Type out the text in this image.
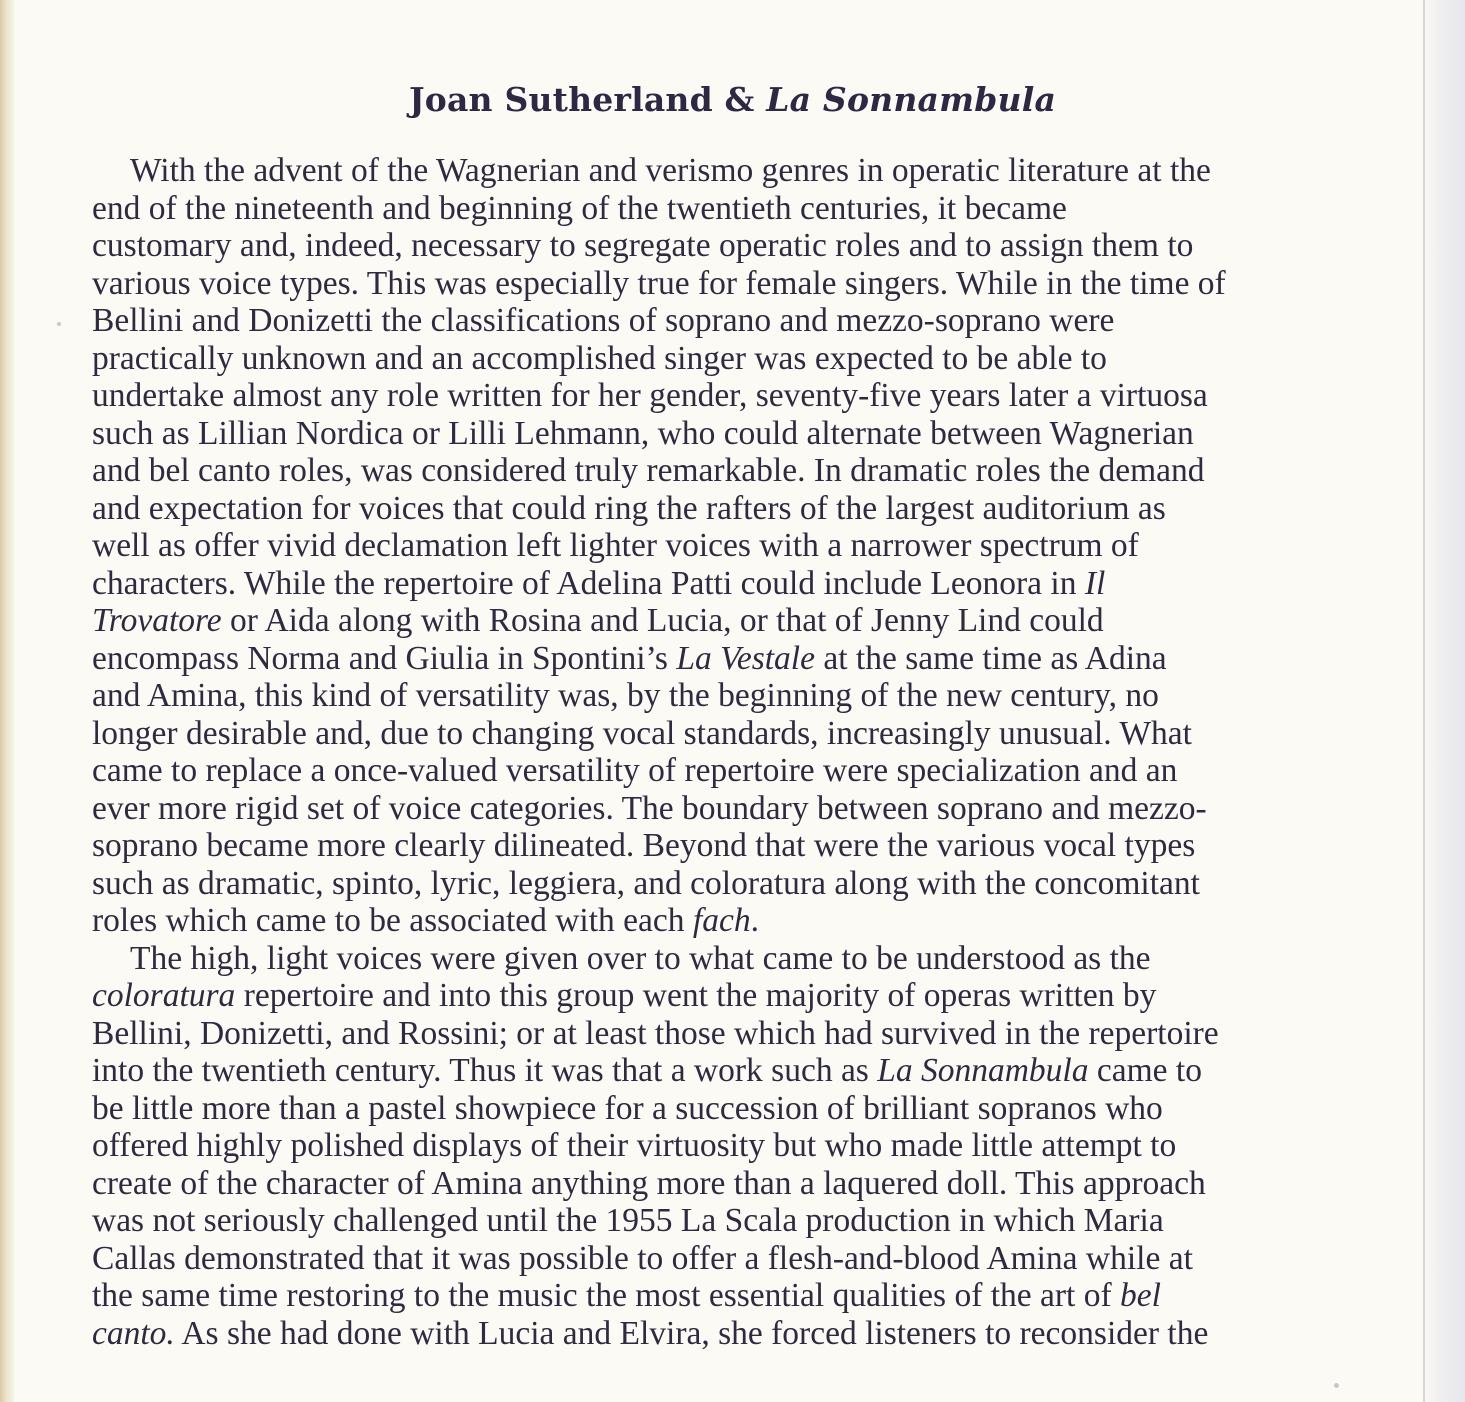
Joan Sutherland & La Sonnambula
With the advent of the Wagnerian and verismo genres in operatic literature at the
end of the nineteenth and beginning of the twentieth centuries, it became
customary and, indeed, necessary to segregate operatic roles and to assign them to
various voice types. This was especially true for female singers. While in the time of
Bellini and Donizetti the classifications of soprano and mezzo-soprano were
practically unknown and an accomplished singer was expected to be able to
undertake almost any role written for her gender, seventy-five years later a virtuosa
such as Lillian Nordica or Lilli Lehmann, who could alternate between Wagnerian
and bel canto roles, was considered truly remarkable. In dramatic roles the demand
and expectation for voices that could ring the rafters of the largest auditorium as
well as offer vivid declamation left lighter voices with a narrower spectrum of
characters. While the repertoire of Adelina Patti could include Leonora in Il
Trovatore or Aida along with Rosina and Lucia, or that of Jenny Lind could
encompass Norma and Giulia in Spontini’s La Vestale at the same time as Adina
and Amina, this kind of versatility was, by the beginning of the new century, no
longer desirable and, due to changing vocal standards, increasingly unusual. What
came to replace a once-valued versatility of repertoire were specialization and an
ever more rigid set of voice categories. The boundary between soprano and mezzo-
soprano became more clearly dilineated. Beyond that were the various vocal types
such as dramatic, spinto, lyric, leggiera, and coloratura along with the concomitant
roles which came to be associated with each fach.
The high, light voices were given over to what came to be understood as the
coloratura repertoire and into this group went the majority of operas written by
Bellini, Donizetti, and Rossini; or at least those which had survived in the repertoire
into the twentieth century. Thus it was that a work such as La Sonnambula came to
be little more than a pastel showpiece for a succession of brilliant sopranos who
offered highly polished displays of their virtuosity but who made little attempt to
create of the character of Amina anything more than a laquered doll. This approach
was not seriously challenged until the 1955 La Scala production in which Maria
Callas demonstrated that it was possible to offer a flesh-and-blood Amina while at
the same time restoring to the music the most essential qualities of the art of bel
canto. As she had done with Lucia and Elvira, she forced listeners to reconsider the
